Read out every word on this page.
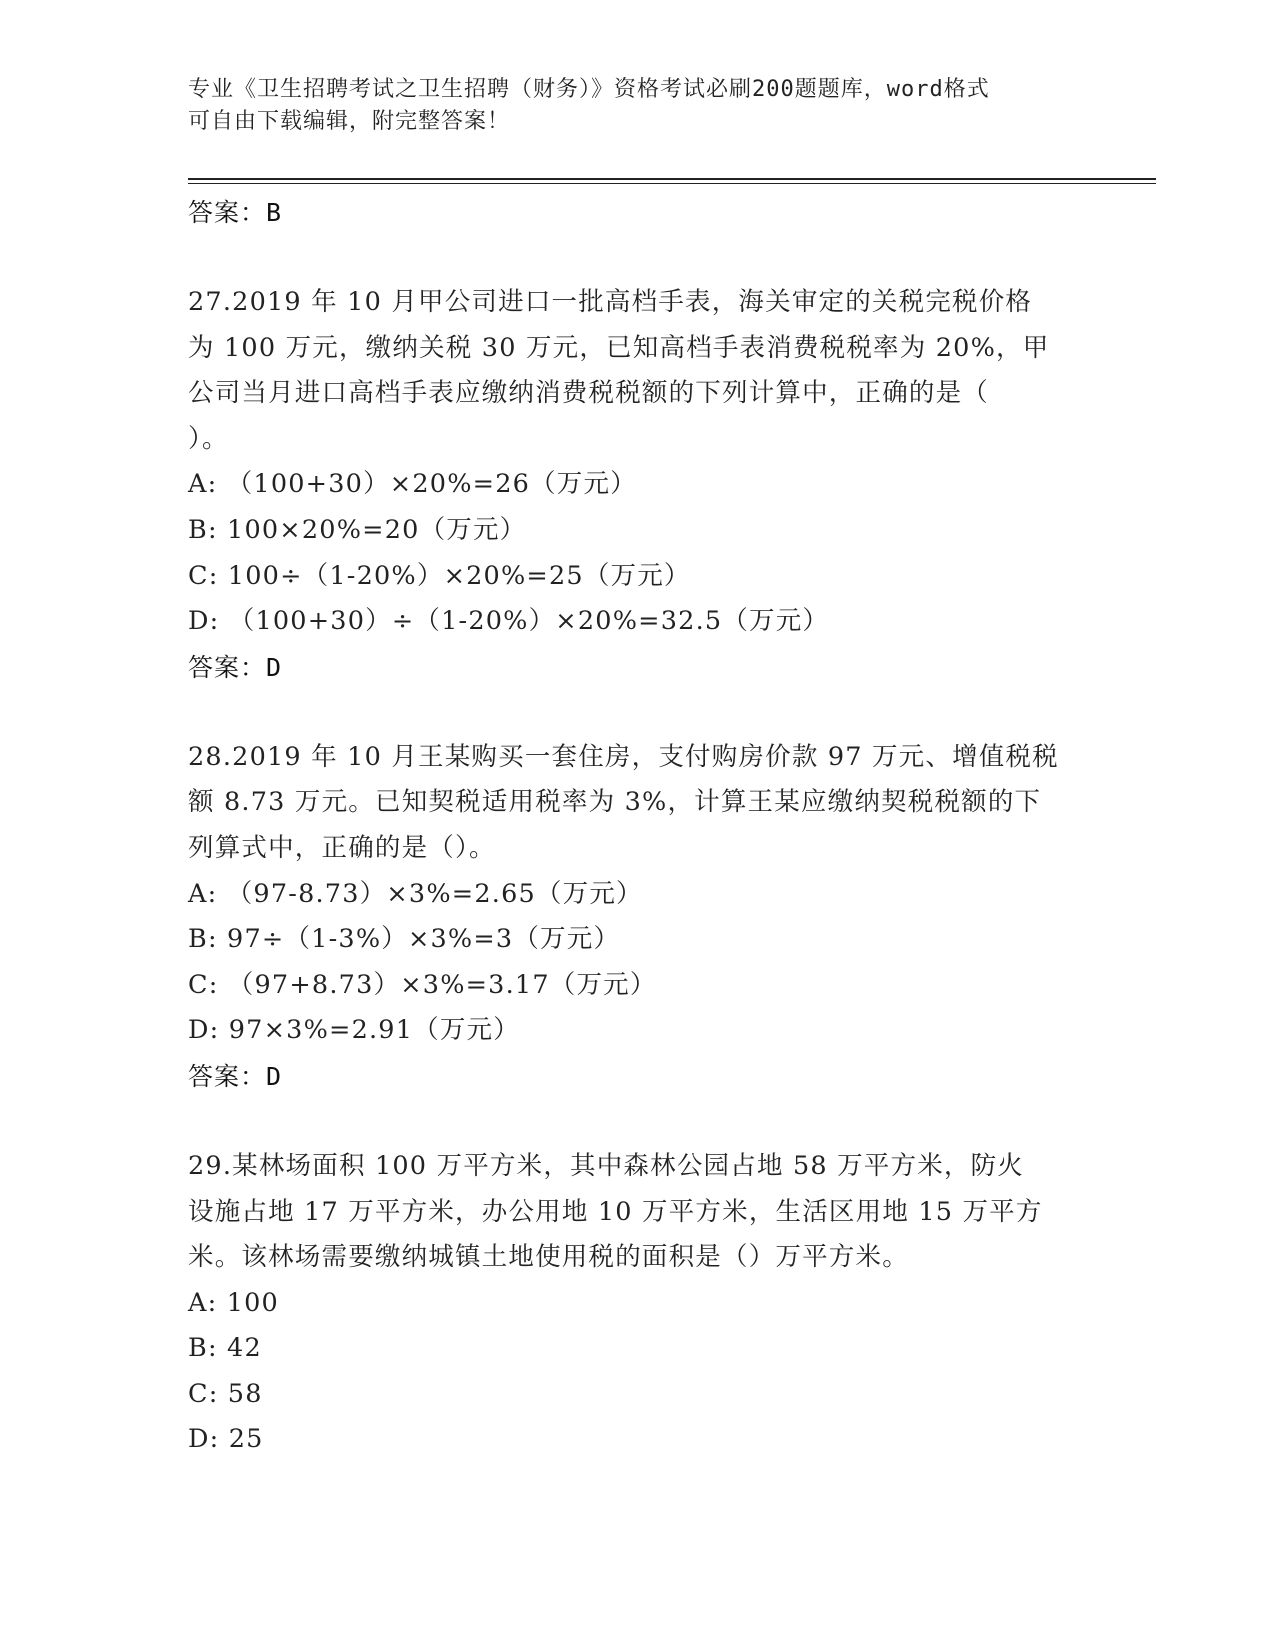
专业《卫生招聘考试之卫生招聘（财务）》资格考试必刷200题题库，word格式
可自由下载编辑，附完整答案！
答案：B
27.2019 年 10 月甲公司进口一批高档手表，海关审定的关税完税价格
为 100 万元，缴纳关税 30 万元，已知高档手表消费税税率为 20%，甲
公司当月进口高档手表应缴纳消费税税额的下列计算中，正确的是（
）。
A: （100+30）×20%=26（万元）
B: 100×20%=20（万元）
C: 100÷（1-20%）×20%=25（万元）
D: （100+30）÷（1-20%）×20%=32.5（万元）
答案：D
28.2019 年 10 月王某购买一套住房，支付购房价款 97 万元、增值税税
额 8.73 万元。已知契税适用税率为 3%，计算王某应缴纳契税税额的下
列算式中，正确的是（）。
A: （97-8.73）×3%=2.65（万元）
B: 97÷（1-3%）×3%=3（万元）
C: （97+8.73）×3%=3.17（万元）
D: 97×3%=2.91（万元）
答案：D
29.某林场面积 100 万平方米，其中森林公园占地 58 万平方米，防火
设施占地 17 万平方米，办公用地 10 万平方米，生活区用地 15 万平方
米。该林场需要缴纳城镇土地使用税的面积是（）万平方米。
A: 100
B: 42
C: 58
D: 25
